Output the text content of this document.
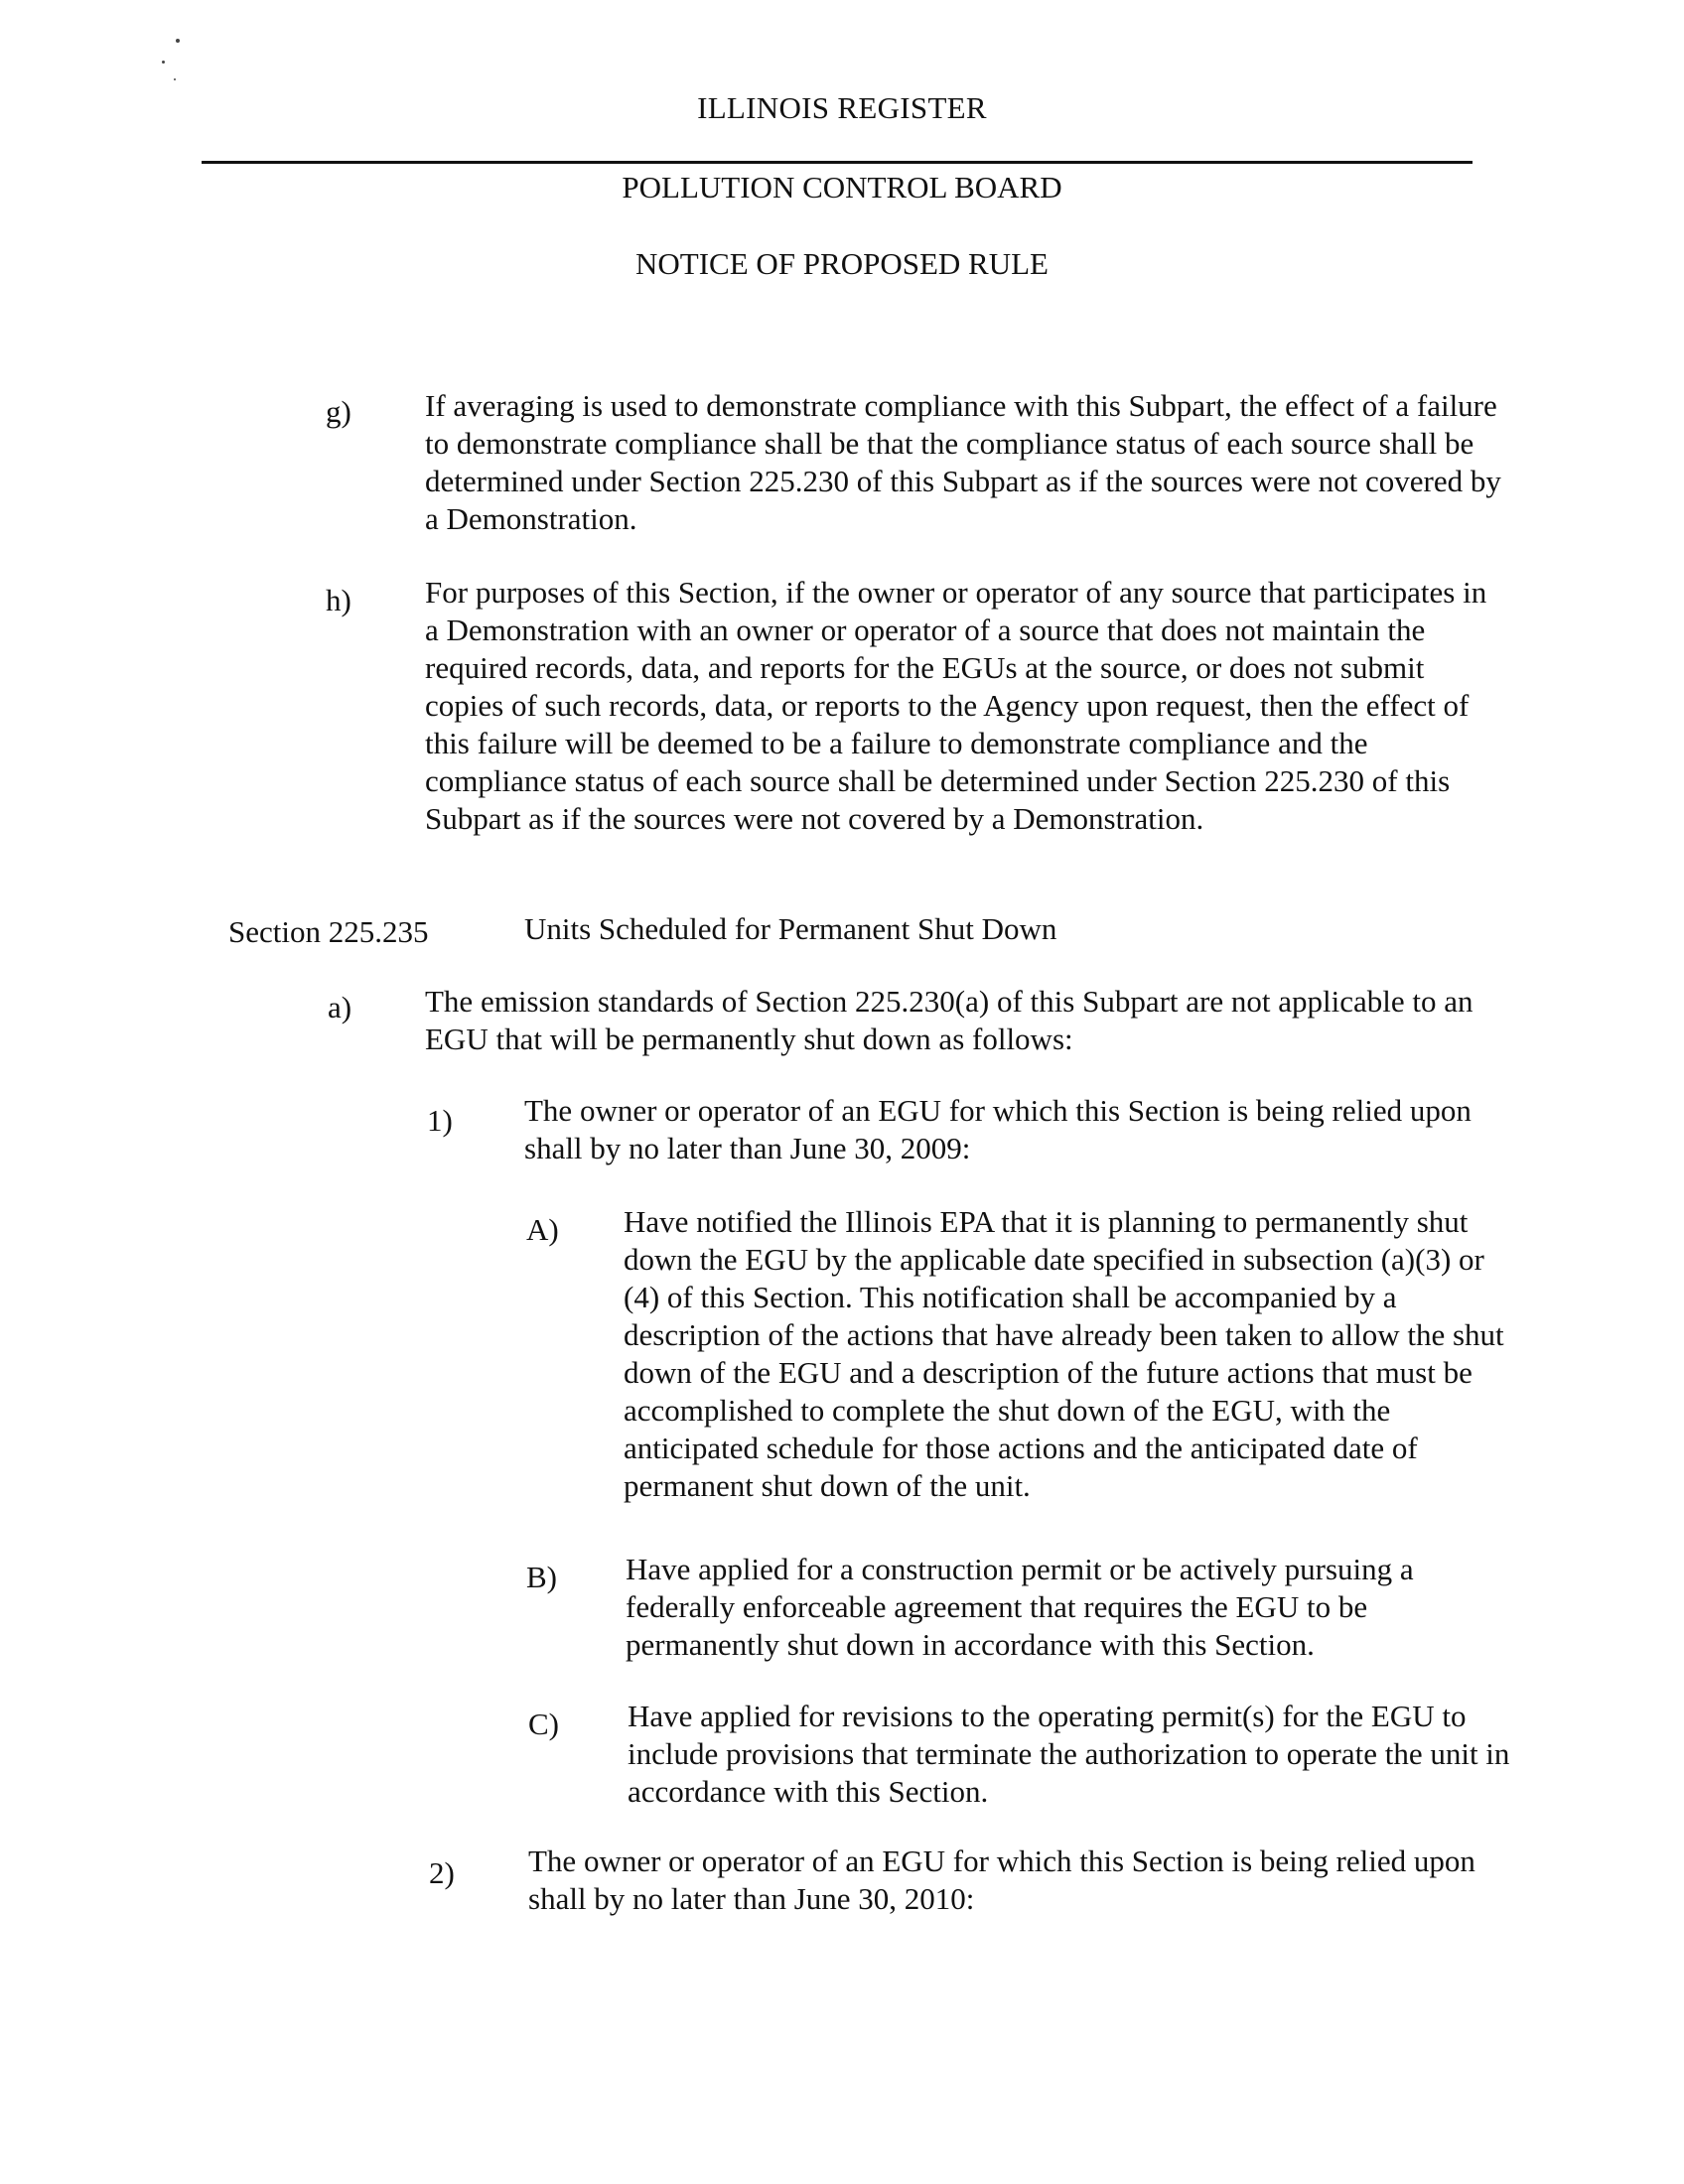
ILLINOIS REGISTER
POLLUTION CONTROL BOARD
NOTICE OF PROPOSED RULE
g) If averaging is used to demonstrate compliance with this Subpart, the effect of a failure to demonstrate compliance shall be that the compliance status of each source shall be determined under Section 225.230 of this Subpart as if the sources were not covered by a Demonstration.
h) For purposes of this Section, if the owner or operator of any source that participates in a Demonstration with an owner or operator of a source that does not maintain the required records, data, and reports for the EGUs at the source, or does not submit copies of such records, data, or reports to the Agency upon request, then the effect of this failure will be deemed to be a failure to demonstrate compliance and the compliance status of each source shall be determined under Section 225.230 of this Subpart as if the sources were not covered by a Demonstration.
Section 225.235	Units Scheduled for Permanent Shut Down
a) The emission standards of Section 225.230(a) of this Subpart are not applicable to an EGU that will be permanently shut down as follows:
1) The owner or operator of an EGU for which this Section is being relied upon shall by no later than June 30, 2009:
A) Have notified the Illinois EPA that it is planning to permanently shut down the EGU by the applicable date specified in subsection (a)(3) or (4) of this Section. This notification shall be accompanied by a description of the actions that have already been taken to allow the shut down of the EGU and a description of the future actions that must be accomplished to complete the shut down of the EGU, with the anticipated schedule for those actions and the anticipated date of permanent shut down of the unit.
B) Have applied for a construction permit or be actively pursuing a federally enforceable agreement that requires the EGU to be permanently shut down in accordance with this Section.
C) Have applied for revisions to the operating permit(s) for the EGU to include provisions that terminate the authorization to operate the unit in accordance with this Section.
2) The owner or operator of an EGU for which this Section is being relied upon shall by no later than June 30, 2010:
